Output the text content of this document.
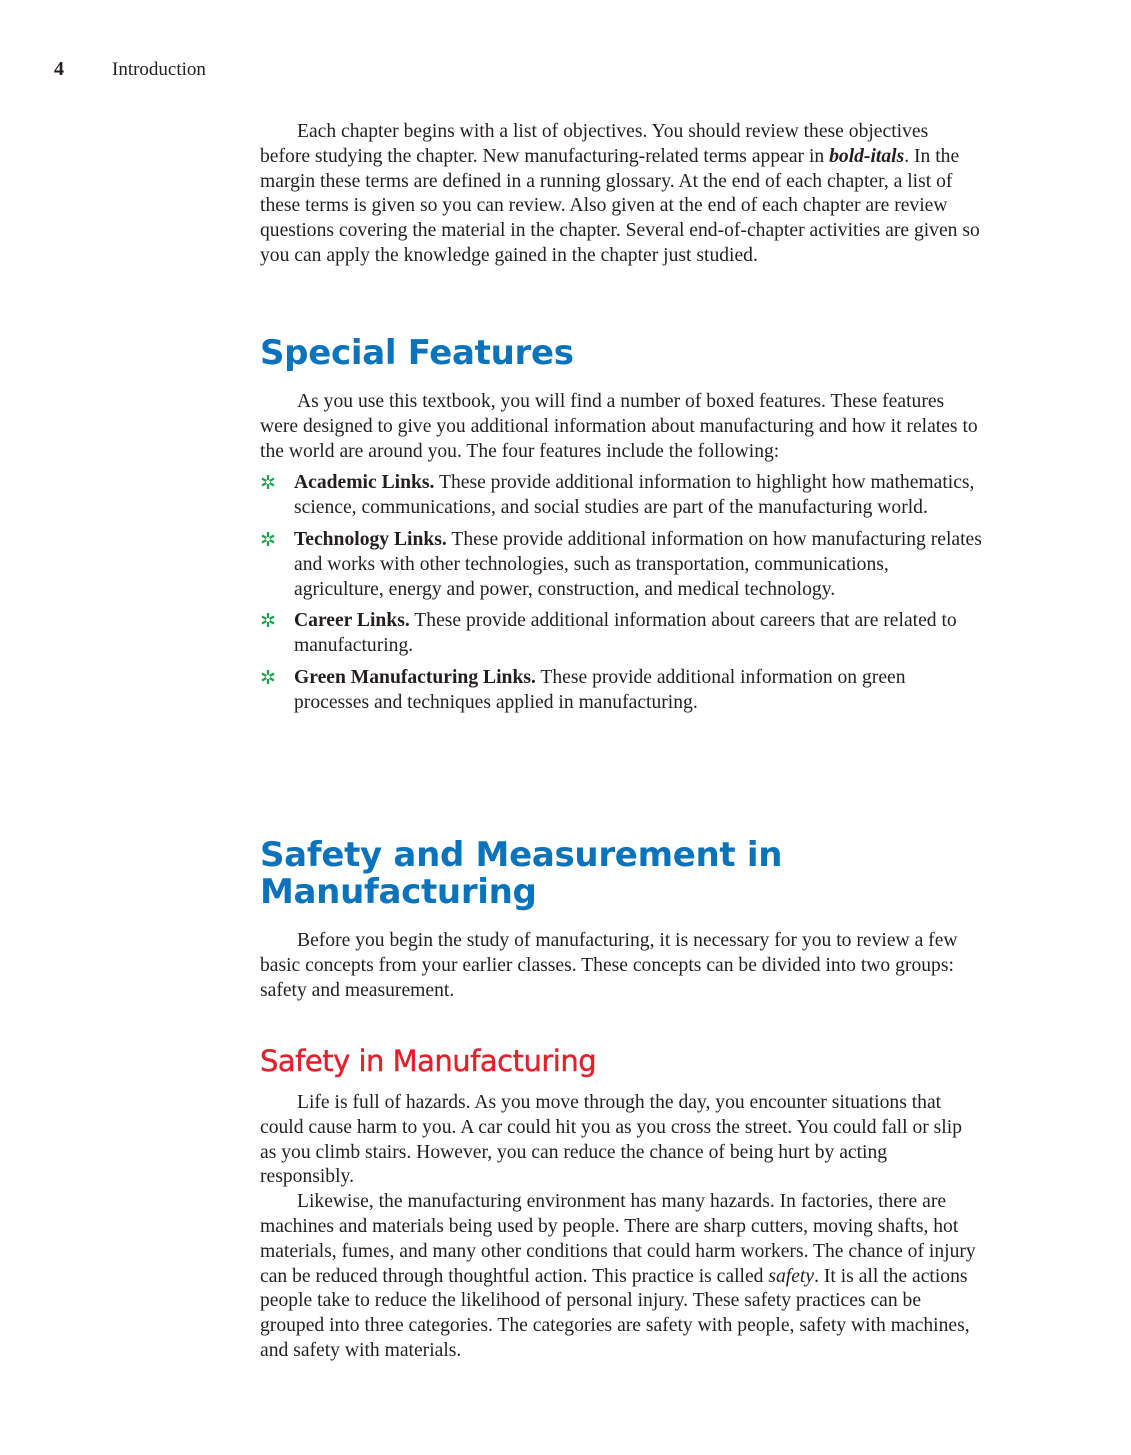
4	Introduction

Each chapter begins with a list of objectives. You should review these objectives before studying the chapter. New manufacturing-related terms appear in bold-itals. In the margin these terms are defined in a running glossary. At the end of each chapter, a list of these terms is given so you can review. Also given at the end of each chapter are review questions covering the material in the chapter. Several end-of-chapter activities are given so you can apply the knowledge gained in the chapter just studied.

Special Features

As you use this textbook, you will find a number of boxed features. These features were designed to give you additional information about manufacturing and how it relates to the world are around you. The four features include the following:

✲ Academic Links. These provide additional information to highlight how mathematics, science, communications, and social studies are part of the manufacturing world.
✲ Technology Links. These provide additional information on how manufacturing relates and works with other technologies, such as transportation, communications, agriculture, energy and power, construction, and medical technology.
✲ Career Links. These provide additional information about careers that are related to manufacturing.
✲ Green Manufacturing Links. These provide additional information on green processes and techniques applied in manufacturing.
Safety and Measurement in
Manufacturing

Before you begin the study of manufacturing, it is necessary for you to review a few basic concepts from your earlier classes. These concepts can be divided into two groups: safety and measurement.

Safety in Manufacturing

Life is full of hazards. As you move through the day, you encounter situations that could cause harm to you. A car could hit you as you cross the street. You could fall or slip as you climb stairs. However, you can reduce the chance of being hurt by acting responsibly.

Likewise, the manufacturing environment has many hazards. In factories, there are machines and materials being used by people. There are sharp cutters, moving shafts, hot materials, fumes, and many other conditions that could harm workers. The chance of injury can be reduced through thoughtful action. This practice is called safety. It is all the actions people take to reduce the likelihood of personal injury. These safety practices can be grouped into three categories. The categories are safety with people, safety with machines, and safety with materials.
